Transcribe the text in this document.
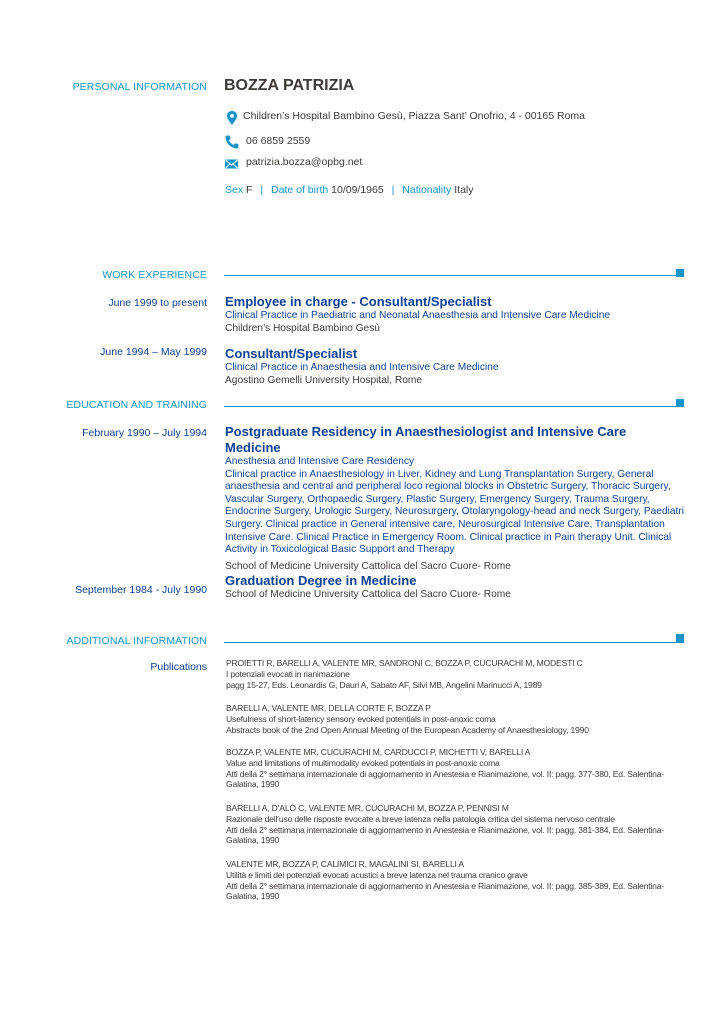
PERSONAL INFORMATION BOZZA PATRIZIA
Children’s Hospital Bambino Gesù, Piazza Sant’ Onofrio, 4 - 00165 Roma
06 6859 2559
patrizia.bozza@opbg.net
Sex F | Date of birth 10/09/1965 | Nationality Italy
WORK EXPERIENCE
June 1999 to present Employee in charge - Consultant/Specialist
Clinical Practice in Paediatric and Neonatal Anaesthesia and Intensive Care Medicine
Children’s Hospital Bambino Gesù
June 1994 – May 1999 Consultant/Specialist
Clinical Practice in Anaesthesia and Intensive Care Medicine
Agostino Gemelli University Hospital, Rome
EDUCATION AND TRAINING
February 1990 – July 1994 Postgraduate Residency in Anaesthesiologist and Intensive Care Medicine
Anesthesia and Intensive Care Residency
Clinical practice in Anaesthesiology in Liver, Kidney and Lung Transplantation Surgery, General anaesthesia and central and peripheral loco regional blocks in Obstetric Surgery, Thoracic Surgery, Vascular Surgery, Orthopaedic Surgery, Plastic Surgery, Emergency Surgery, Trauma Surgery, Endocrine Surgery, Urologic Surgery, Neurosurgery, Otolaryngology-head and neck Surgery, Paediatri Surgery. Clinical practice in General intensive care, Neurosurgical Intensive Care, Transplantation Intensive Care. Clinical Practice in Emergency Room. Clinical practice in Pain therapy Unit. Clinical Activity in Toxicological Basic Support and Therapy
School of Medicine University Cattolica del Sacro Cuore- Rome
September 1984 - July 1990
Graduation Degree in Medicine
School of Medicine University Cattolica del Sacro Cuore- Rome
ADDITIONAL INFORMATION
Publications PROIETTI R, BARELLI A, VALENTE MR, SANDRONI C, BOZZA P, CUCURACHI M, MODESTI C
I potenziali evocati in rianimazione
pagg 15-27, Eds. Leonardis G, Dauri A, Sabato AF, Silvi MB, Angelini Marinucci A, 1989
BARELLI A, VALENTE MR, DELLA CORTE F, BOZZA P
Usefulness of short-latency sensory evoked potentials in post-anoxic coma
Abstracts book of the 2nd Open Annual Meeting of the European Academy of Anaesthesiology, 1990
BOZZA P, VALENTE MR, CUCURACHI M, CARDUCCI P, MICHETTI V, BARELLI A
Value and limitations of multimodality evoked potentials in post-anoxic coma
Atti della 2° settimana internazionale di aggiornamento in Anestesia e Rianimazione, vol. II: pagg. 377-380, Ed. Salentina- Galatina, 1990
BARELLI A, D’ALÒ C, VALENTE MR, CUCURACHI M, BOZZA P, PENNISI M
Razionale dell’uso delle risposte evocate a breve latenza nella patologia critica del sistema nervoso centrale
Atti della 2° settimana internazionale di aggiornamento in Anestesia e Rianimazione, vol. II: pagg. 381-384, Ed. Salentina- Galatina, 1990
VALENTE MR, BOZZA P, CALIMICI R, MAGALINI SI, BARELLI A
Utilità e limiti dei potenziali evocati acustici a breve latenza nel trauma cranico grave
Atti della 2° settimana internazionale di aggiornamento in Anestesia e Rianimazione, vol. II: pagg. 385-389, Ed. Salentina- Galatina, 1990
